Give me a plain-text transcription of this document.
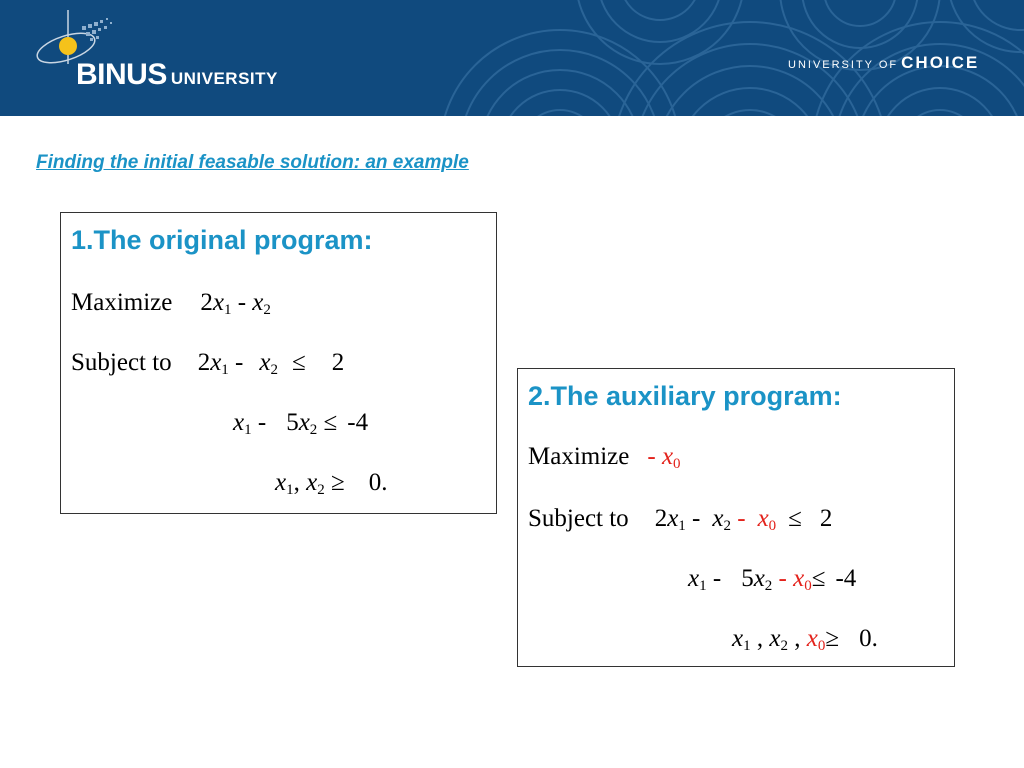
BINUS UNIVERSITY
UNIVERSITY OF CHOICE
Finding the initial feasable solution: an example
1.The original program:
Maximize $2x_1 - x_2$
Subject to $2x_1 - x_2 \le 2$
$x_1 - 5x_2 \le -4$
$x_1$, $x_2 \ge 0$.
2.The auxiliary program:
Maximize - $x_0$
Subject to $2x_1 - x_2 - x_0 \le 2$
$x_1 - 5x_2 - x_0\le -4$
$x_1$ , $x_2$ , $x_0\ge 0$.
